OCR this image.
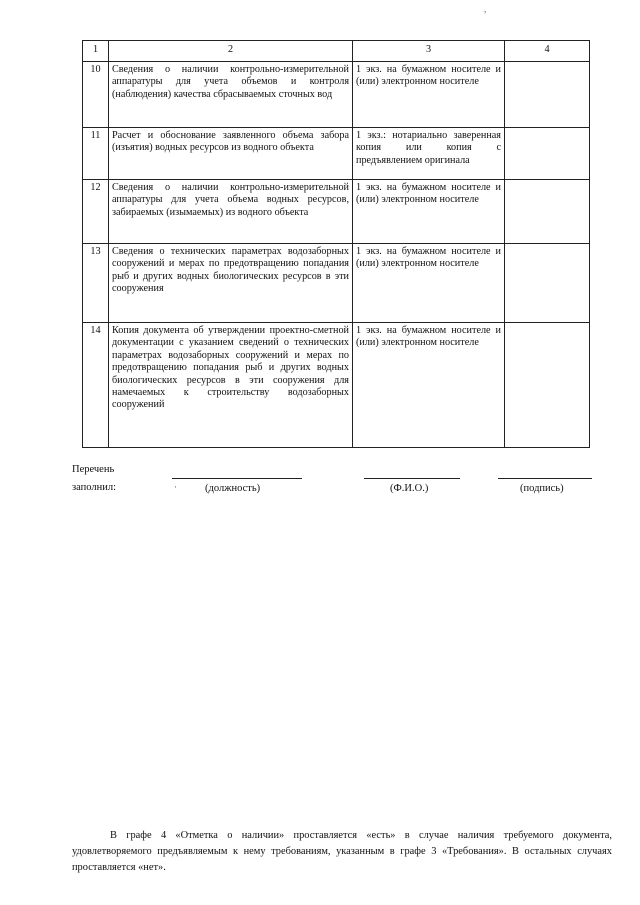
,
1	2	3	4
10	Сведения о наличии контрольно-измерительной аппаратуры для учета объемов и контроля (наблюдения) качества сбрасываемых сточных вод	1 экз. на бумажном носителе и (или) электронном носителе	
11	Расчет и обоснование заявленного объема забора (изъятия) водных ресурсов из водного объекта	1 экз.: нотариально заверенная копия или копия с предъявлением оригинала	
12	Сведения о наличии контрольно-измерительной аппаратуры для учета объема водных ресурсов, забираемых (изымаемых) из водного объекта	1 экз. на бумажном носителе и (или) электронном носителе	
13	Сведения о технических параметрах водозаборных сооружений и мерах по предотвращению попадания рыб и других водных биологических ресурсов в эти сооружения	1 экз. на бумажном носителе и (или) электронном носителе	
14	Копия документа об утверждении проектно-сметной документации с указанием сведений о технических параметрах водозаборных сооружений и мерах по предотвращению попадания рыб и других водных биологических ресурсов в эти сооружения для намечаемых к строительству водозаборных сооружений	1 экз. на бумажном носителе и (или) электронном носителе	
Перечень
заполнил:	·	(должность)	(Ф.И.О.)	(подпись)

В графе 4 «Отметка о наличии» проставляется «есть» в случае наличия требуемого документа, удовлетворяемого предъявляемым к нему требованиям, указанным в графе 3 «Требования». В остальных случаях проставляется «нет».
